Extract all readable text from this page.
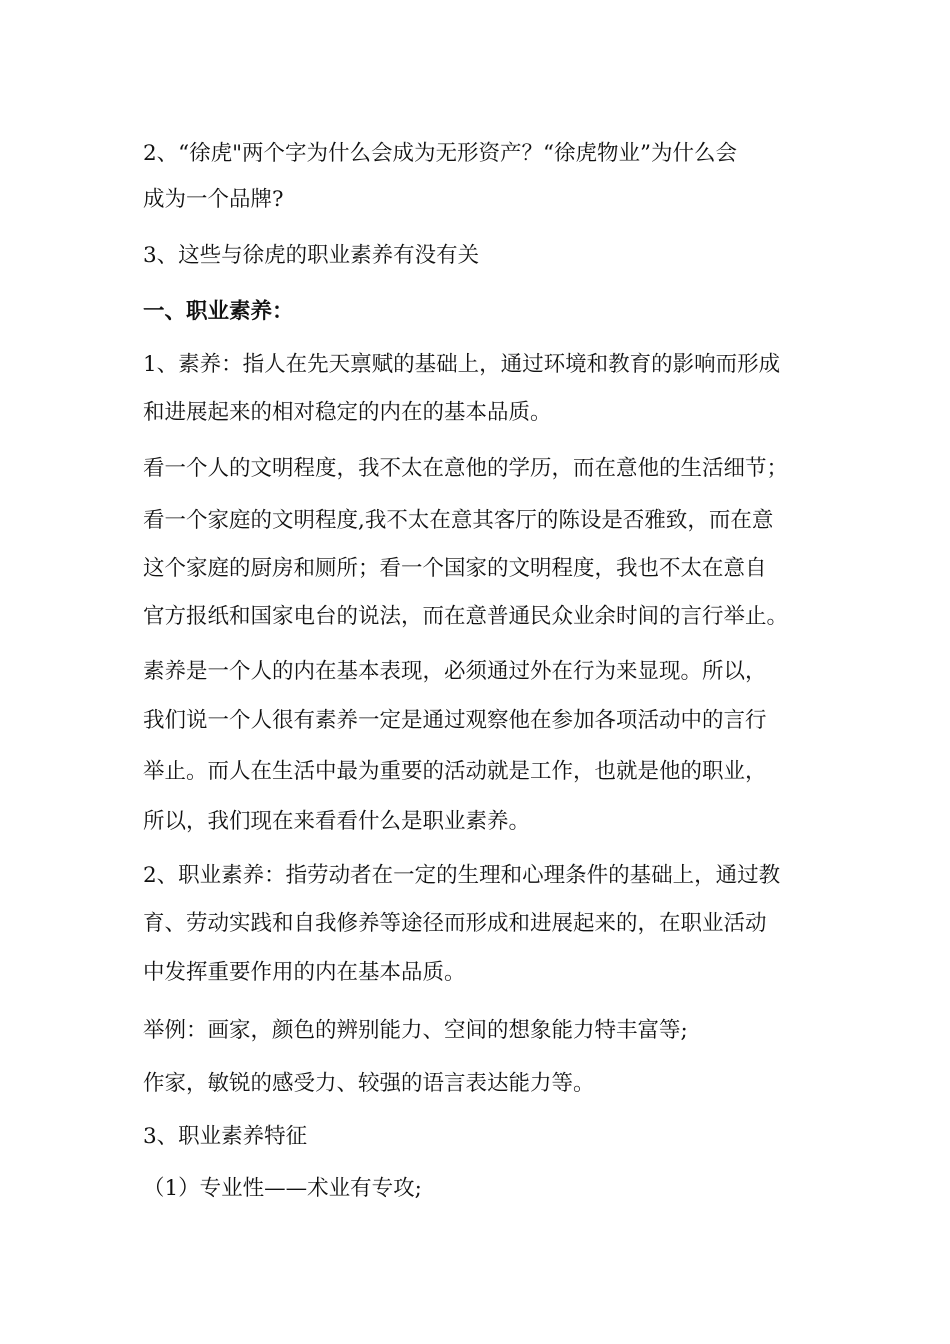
2、“徐虎"两个字为什么会成为无形资产？“徐虎物业”为什么会
成为一个品牌?
3、这些与徐虎的职业素养有没有关
一、职业素养：
1、素养：指人在先天禀赋的基础上，通过环境和教育的影响而形成
和进展起来的相对稳定的内在的基本品质。
看一个人的文明程度，我不太在意他的学历，而在意他的生活细节；
看一个家庭的文明程度,我不太在意其客厅的陈设是否雅致，而在意
这个家庭的厨房和厕所；看一个国家的文明程度，我也不太在意自
官方报纸和国家电台的说法，而在意普通民众业余时间的言行举止。
素养是一个人的内在基本表现，必须通过外在行为来显现。所以，
我们说一个人很有素养一定是通过观察他在参加各项活动中的言行
举止。而人在生活中最为重要的活动就是工作，也就是他的职业，
所以，我们现在来看看什么是职业素养。
2、职业素养：指劳动者在一定的生理和心理条件的基础上，通过教
育、劳动实践和自我修养等途径而形成和进展起来的，在职业活动
中发挥重要作用的内在基本品质。
举例：画家，颜色的辨别能力、空间的想象能力特丰富等;
作家，敏锐的感受力、较强的语言表达能力等。
3、职业素养特征
（1）专业性——术业有专攻;
